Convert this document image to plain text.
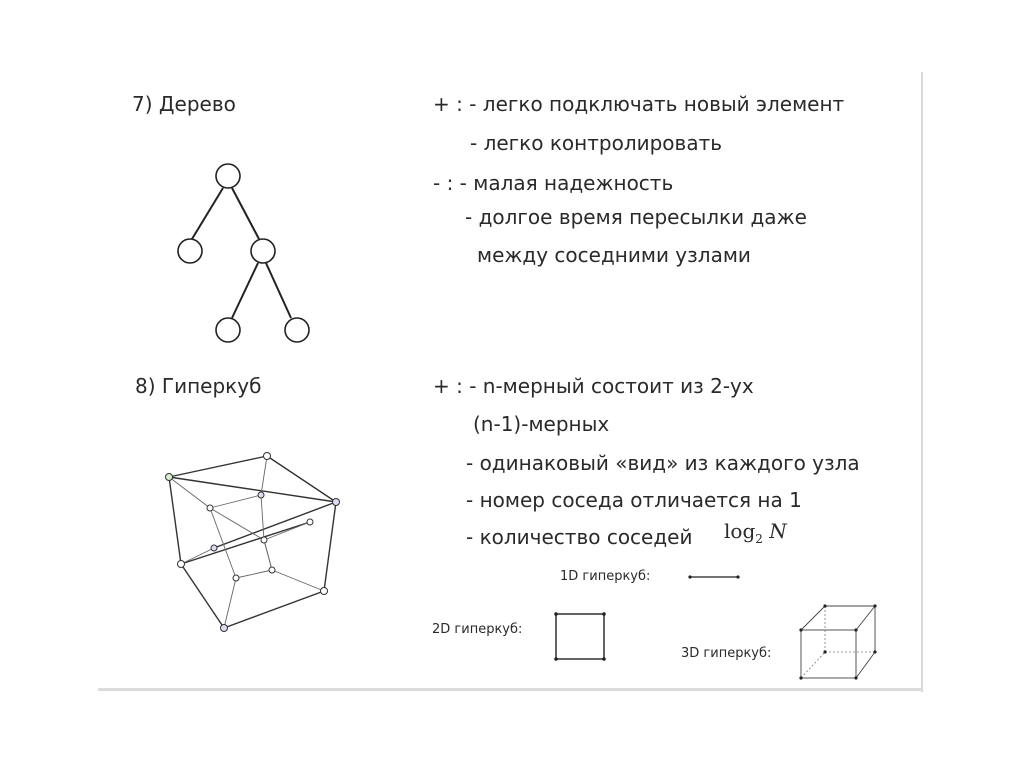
7) Дерево	+ : - легко подключать новый элемент
- легко контролировать
- : - малая надежность
- долгое время пересылки даже
между соседними узлами
8) Гиперкуб	+ : - n-мерный состоит из 2-ух
(n-1)-мерных
- одинаковый «вид» из каждого узла
- номер соседа отличается на 1
- количество соседей $\log_2 N$
1D гиперкуб:
2D гиперкуб:
3D гиперкуб:
